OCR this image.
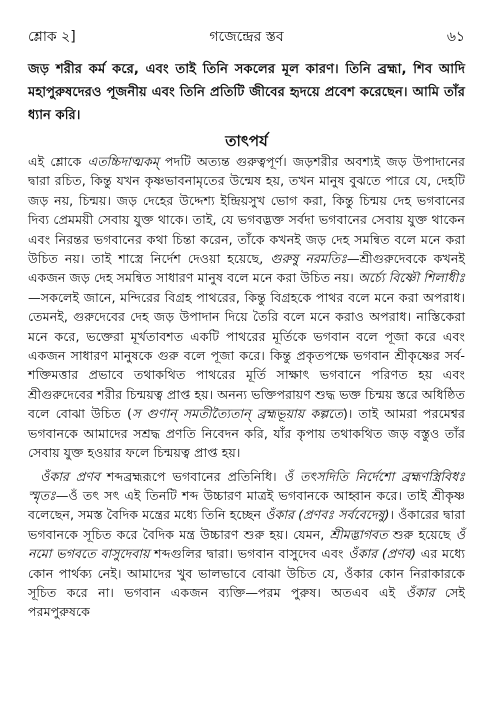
শ্লোক ২]	গজেন্দ্রের স্তব	৬১
জড় শরীর কর্ম করে, এবং তাই তিনি সকলের মূল কারণ। তিনি ব্রহ্মা, শিব আদি মহাপুরুষদেরও পূজনীয় এবং তিনি প্রতিটি জীবের হৃদয়ে প্রবেশ করেছেন। আমি তাঁর ধ্যান করি।
তাৎপর্য

এই শ্লোকে এতচ্চিদাত্মকম্ পদটি অত্যন্ত গুরুত্বপূর্ণ। জড়শরীর অবশ্যই জড় উপাদানের দ্বারা রচিত, কিন্তু যখন কৃষ্ণভাবনামৃতের উন্মেষ হয়, তখন মানুষ বুঝতে পারে যে, দেহটি জড় নয়, চিন্ময়। জড় দেহের উদ্দেশ্য ইন্দ্রিয়সুখ ভোগ করা, কিন্তু চিন্ময় দেহ ভগবানের দিব্য প্রেমময়ী সেবায় যুক্ত থাকে। তাই, যে ভগবদ্ভক্ত সর্বদা ভগবানের সেবায় যুক্ত থাকেন এবং নিরন্তর ভগবানের কথা চিন্তা করেন, তাঁকে কখনই জড় দেহ সমন্বিত বলে মনে করা উচিত নয়। তাই শাস্ত্রে নির্দেশ দেওয়া হয়েছে, গুরুষু নরমতিঃ—শ্রীগুরুদেবকে কখনই একজন জড় দেহ সমন্বিত সাধারণ মানুষ বলে মনে করা উচিত নয়। অর্চ্যে বিষ্ণৌ শিলাধীঃ—সকলেই জানে, মন্দিরের বিগ্রহ পাথরের, কিন্তু বিগ্রহকে পাথর বলে মনে করা অপরাধ। তেমনই, গুরুদেবের দেহ জড় উপাদান দিয়ে তৈরি বলে মনে করাও অপরাধ। নাস্তিকেরা মনে করে, ভক্তেরা মূর্খতাবশত একটি পাথরের মূর্তিকে ভগবান বলে পূজা করে এবং একজন সাধারণ মানুষকে গুরু বলে পূজা করে। কিন্তু প্রকৃতপক্ষে ভগবান শ্রীকৃষ্ণের সর্ব-শক্তিমত্তার প্রভাবে তথাকথিত পাথরের মূর্তি সাক্ষাৎ ভগবানে পরিণত হয় এবং শ্রীগুরুদেবের শরীর চিন্ময়ত্ব প্রাপ্ত হয়। অনন্য ভক্তিপরায়ণ শুদ্ধ ভক্ত চিন্ময় স্তরে অধিষ্ঠিত বলে বোঝা উচিত (স গুণান্ সমতীত্যৈতান্ ব্রহ্মভূয়ায় কল্পতে)। তাই আমরা পরমেশ্বর ভগবানকে আমাদের সশ্রদ্ধ প্রণতি নিবেদন করি, যাঁর কৃপায় তথাকথিত জড় বস্তুও তাঁর সেবায় যুক্ত হওয়ার ফলে চিন্ময়ত্ব প্রাপ্ত হয়।

ওঁকার প্রণব শব্দব্রহ্মরূপে ভগবানের প্রতিনিধি। ওঁ তৎসদিতি নির্দেশো ব্রহ্মণস্ত্রিবিধঃ স্মৃতঃ—ওঁ তৎ সৎ এই তিনটি শব্দ উচ্চারণ মাত্রই ভগবানকে আহ্বান করে। তাই শ্রীকৃষ্ণ বলেছেন, সমস্ত বৈদিক মন্ত্রের মধ্যে তিনি হচ্ছেন ওঁকার (প্রণবঃ সর্ববেদেষু)। ওঁকারের দ্বারা ভগবানকে সূচিত করে বৈদিক মন্ত্র উচ্চারণ শুরু হয়। যেমন, শ্রীমদ্ভাগবত শুরু হয়েছে ওঁ নমো ভগবতে বাসুদেবায় শব্দগুলির দ্বারা। ভগবান বাসুদেব এবং ওঁকার (প্রণব) এর মধ্যে কোন পার্থক্য নেই। আমাদের খুব ভালভাবে বোঝা উচিত যে, ওঁকার কোন নিরাকারকে সূচিত করে না। ভগবান একজন ব্যক্তি—পরম পুরুষ। অতএব এই ওঁকার সেই পরমপুরুষকে
